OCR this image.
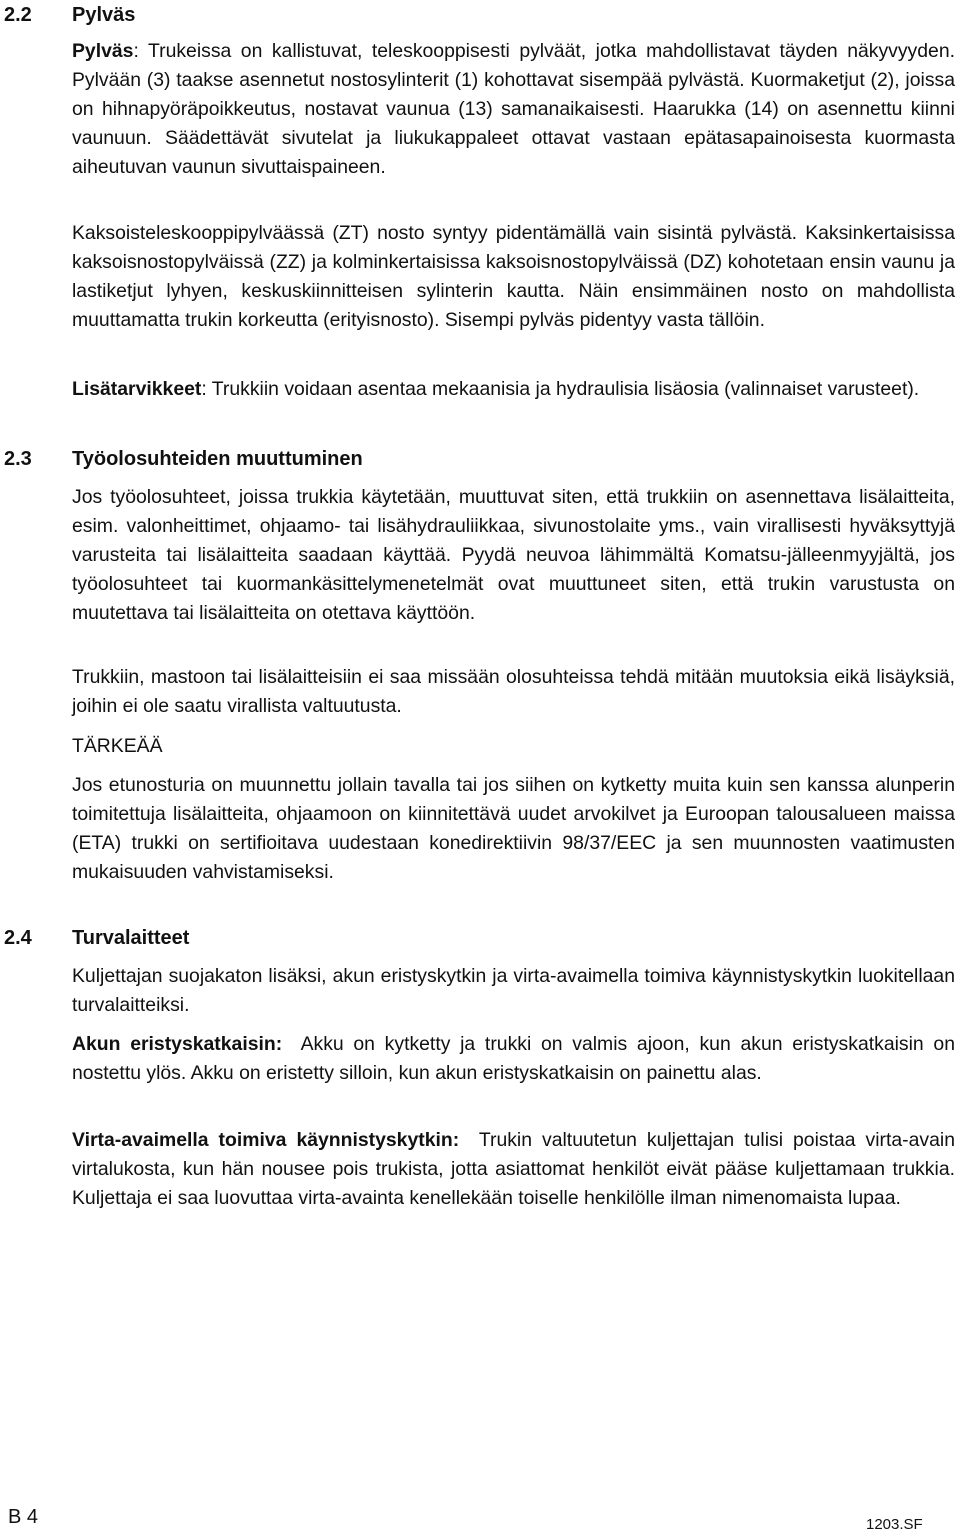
2.2 Pylväs

Pylväs: Trukeissa on kallistuvat, teleskooppisesti pylväät, jotka mahdollistavat täyden näkyvyyden. Pylvään (3) taakse asennetut nostosylinterit (1) kohottavat sisempää pylvästä. Kuormaketjut (2), joissa on hihnapyöräpoikkeutus, nostavat vaunua (13) samanaikaisesti. Haarukka (14) on asennettu kiinni vaunuun. Säädettävät sivutelat ja liukukappaleet ottavat vastaan epätasapainoisesta kuormasta aiheutuvan vaunun sivuttaispaineen.

Kaksoisteleskooppipylväässä (ZT) nosto syntyy pidentämällä vain sisintä pylvästä. Kaksinkertaisissa kaksoisnostopylväissä (ZZ) ja kolminkertaisissa kaksoisnostopylväissä (DZ) kohotetaan ensin vaunu ja lastiketjut lyhyen, keskuskiinnitteisen sylinterin kautta. Näin ensimmäinen nosto on mahdollista muuttamatta trukin korkeutta (erityisnosto). Sisempi pylväs pidentyy vasta tällöin.

Lisätarvikkeet: Trukkiin voidaan asentaa mekaanisia ja hydraulisia lisäosia (valinnaiset varusteet).

2.3 Työolosuhteiden muuttuminen

Jos työolosuhteet, joissa trukkia käytetään, muuttuvat siten, että trukkiin on asennettava lisälaitteita, esim. valonheittimet, ohjaamo- tai lisähydrauliikkaa, sivunostolaite yms., vain virallisesti hyväksyttyjä varusteita tai lisälaitteita saadaan käyttää. Pyydä neuvoa lähimmältä Komatsu-jälleenmyyjältä, jos työolosuhteet tai kuormankäsittelymenetelmät ovat muuttuneet siten, että trukin varustusta on muutettava tai lisälaitteita on otettava käyttöön.

Trukkiin, mastoon tai lisälaitteisiin ei saa missään olosuhteissa tehdä mitään muutoksia eikä lisäyksiä, joihin ei ole saatu virallista valtuutusta.

TÄRKEÄÄ

Jos etunosturia on muunnettu jollain tavalla tai jos siihen on kytketty muita kuin sen kanssa alunperin toimitettuja lisälaitteita, ohjaamoon on kiinnitettävä uudet arvokilvet ja Euroopan talousalueen maissa (ETA) trukki on sertifioitava uudestaan konedirektiivin 98/37/EEC ja sen muunnosten vaatimusten mukaisuuden vahvistamiseksi.

2.4 Turvalaitteet

Kuljettajan suojakaton lisäksi, akun eristyskytkin ja virta-avaimella toimiva käynnistyskytkin luokitellaan turvalaitteiksi.

Akun eristyskatkaisin: Akku on kytketty ja trukki on valmis ajoon, kun akun eristyskatkaisin on nostettu ylös. Akku on eristetty silloin, kun akun eristyskatkaisin on painettu alas.

Virta-avaimella toimiva käynnistyskytkin: Trukin valtuutetun kuljettajan tulisi poistaa virta-avain virtalukosta, kun hän nousee pois trukista, jotta asiattomat henkilöt eivät pääse kuljettamaan trukkia. Kuljettaja ei saa luovuttaa virta-avainta kenellekään toiselle henkilölle ilman nimenomaista lupaa.

B 4	1203.SF
